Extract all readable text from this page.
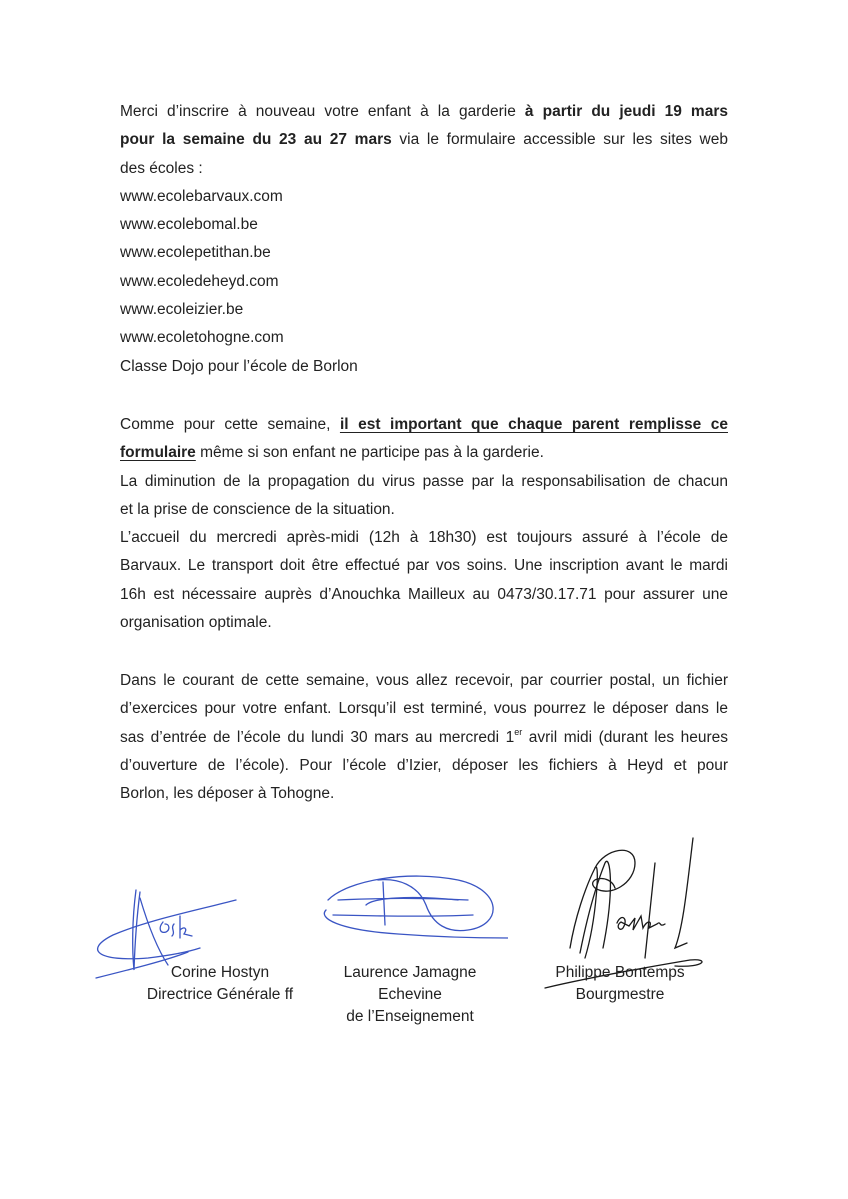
Merci d’inscrire à nouveau votre enfant à la garderie à partir du jeudi 19 mars
pour la semaine du 23 au 27 mars via le formulaire accessible sur les sites web
des écoles :
www.ecolebarvaux.com
www.ecolebomal.be
www.ecolepetithan.be
www.ecoledeheyd.com
www.ecoleizier.be
www.ecoletohogne.com
Classe Dojo pour l’école de Borlon
Comme pour cette semaine, il est important que chaque parent remplisse ce
formulaire même si son enfant ne participe pas à la garderie.
La diminution de la propagation du virus passe par la responsabilisation de chacun
et la prise de conscience de la situation.
L’accueil du mercredi après-midi (12h à 18h30) est toujours assuré à l’école de
Barvaux. Le transport doit être effectué par vos soins. Une inscription avant le mardi
16h est nécessaire auprès d’Anouchka Mailleux au 0473/30.17.71 pour assurer une
organisation optimale.
Dans le courant de cette semaine, vous allez recevoir, par courrier postal, un fichier
d’exercices pour votre enfant. Lorsqu’il est terminé, vous pourrez le déposer dans le
sas d’entrée de l’école du lundi 30 mars au mercredi 1er avril midi (durant les heures
d’ouverture de l’école). Pour l’école d’Izier, déposer les fichiers à Heyd et pour
Borlon, les déposer à Tohogne.
Corine Hostyn
Directrice Générale ff
Laurence Jamagne
Echevine
de l’Enseignement
Philippe Bontemps
Bourgmestre
